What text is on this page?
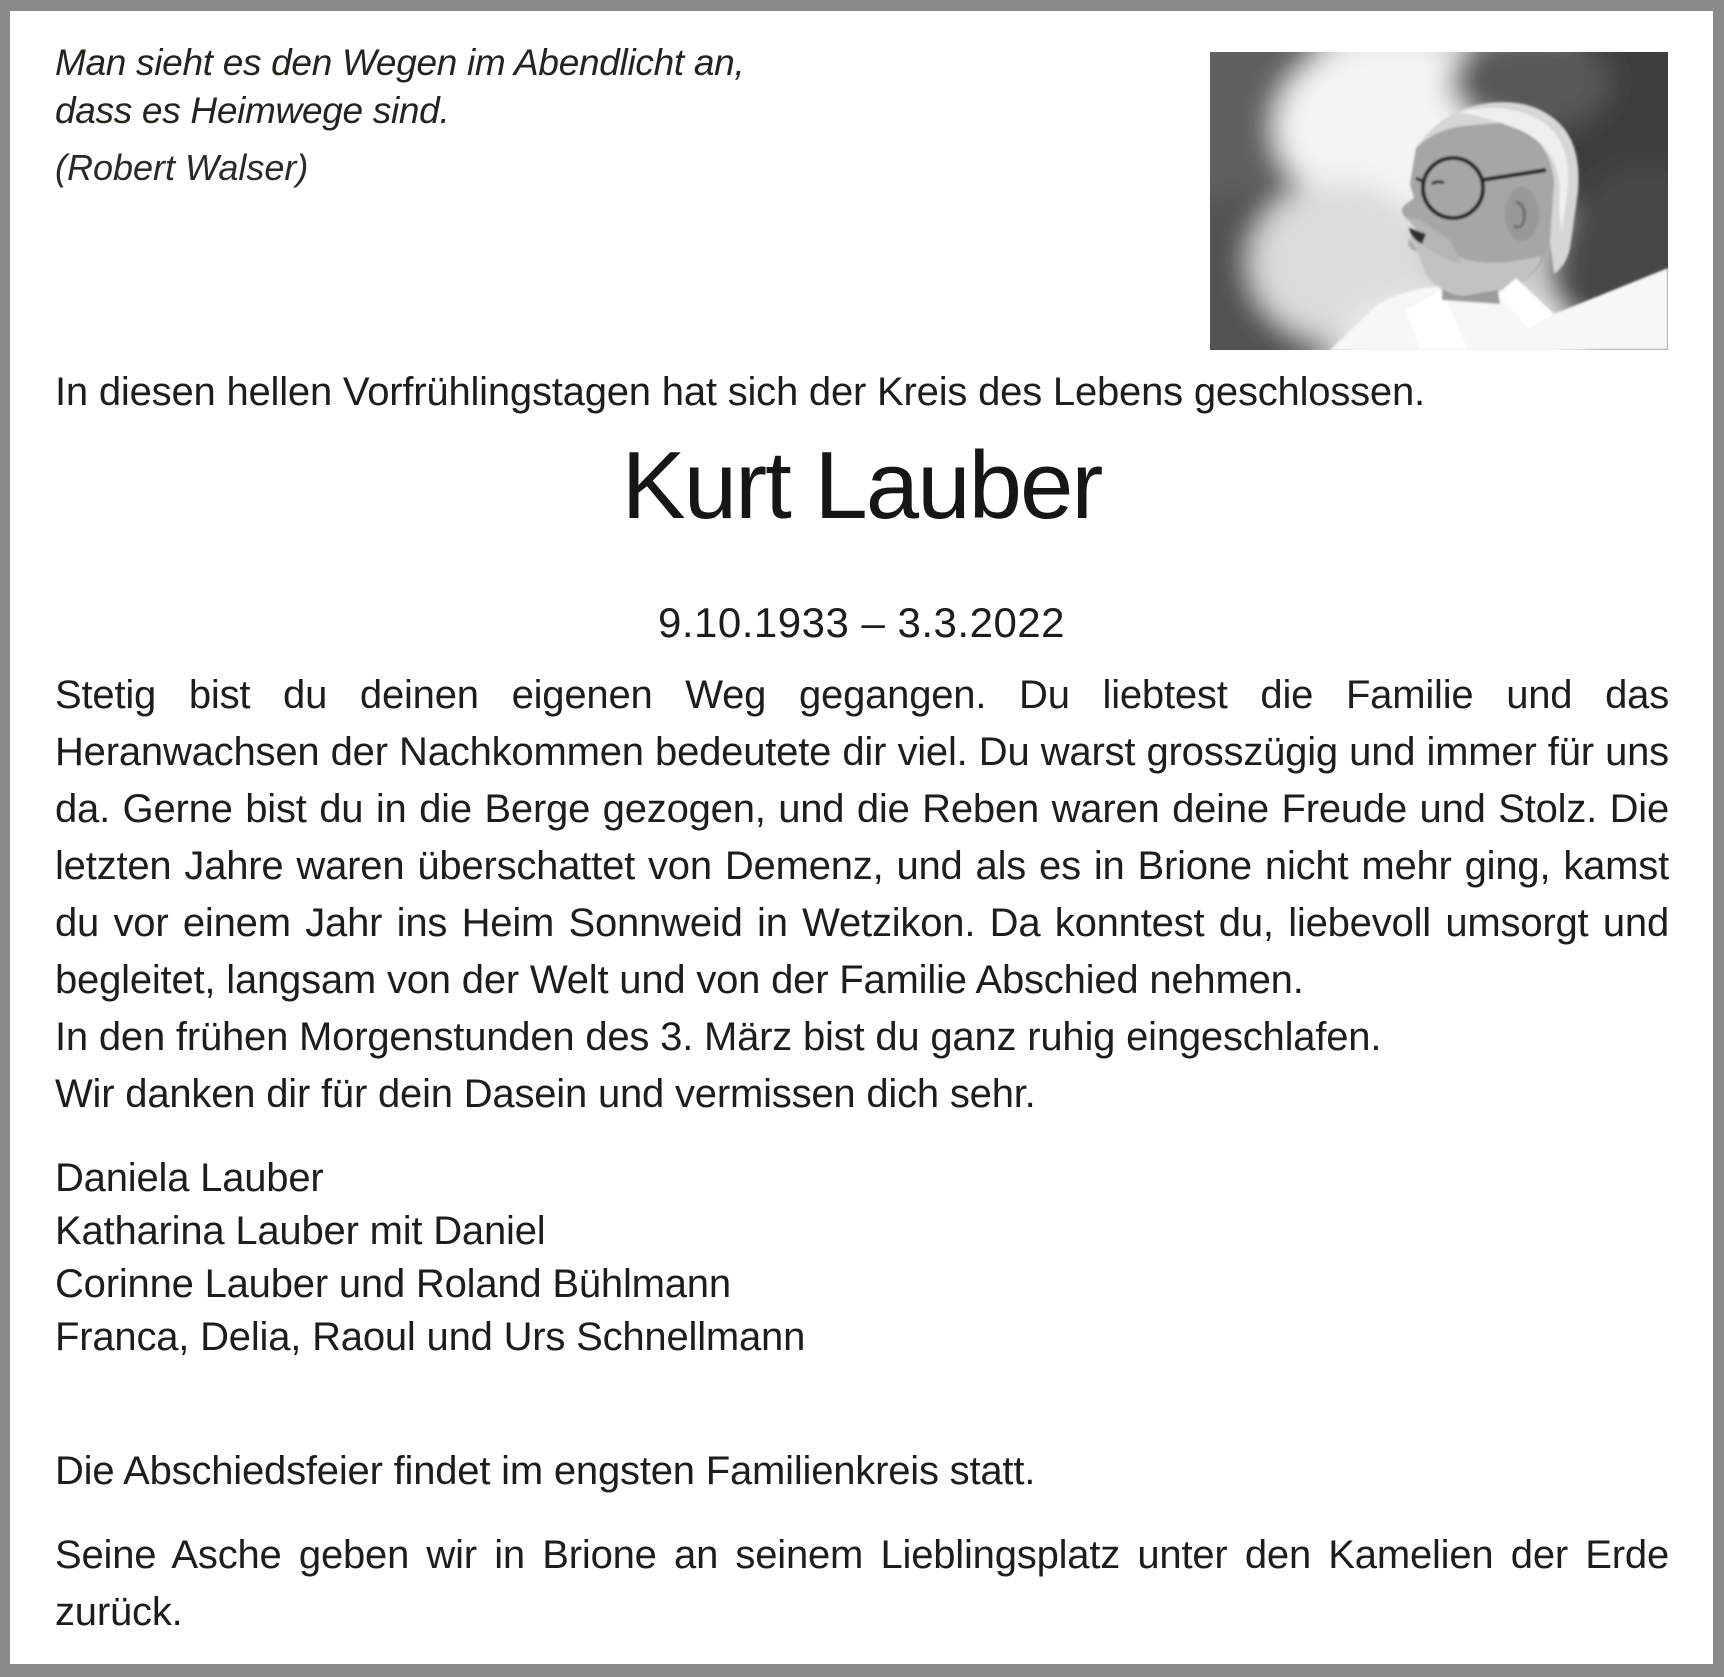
Man sieht es den Wegen im Abendlicht an,
dass es Heimwege sind.
(Robert Walser)
In diesen hellen Vorfrühlingstagen hat sich der Kreis des Lebens geschlossen.
Kurt Lauber
9.10.1933 – 3.3.2022
Stetig bist du deinen eigenen Weg gegangen. Du liebtest die Familie und das Heranwachsen der Nachkommen bedeutete dir viel. Du warst grosszügig und immer für uns da. Gerne bist du in die Berge gezogen, und die Reben waren deine Freude und Stolz. Die letzten Jahre waren überschattet von Demenz, und als es in Brione nicht mehr ging, kamst du vor einem Jahr ins Heim Sonnweid in Wetzikon. Da konntest du, liebevoll umsorgt und begleitet, langsam von der Welt und von der Familie Abschied nehmen.
In den frühen Morgenstunden des 3. März bist du ganz ruhig eingeschlafen.
Wir danken dir für dein Dasein und vermissen dich sehr.
Daniela Lauber
Katharina Lauber mit Daniel
Corinne Lauber und Roland Bühlmann
Franca, Delia, Raoul und Urs Schnellmann
Die Abschiedsfeier findet im engsten Familienkreis statt.
Seine Asche geben wir in Brione an seinem Lieblingsplatz unter den Kamelien der Erde zurück.
